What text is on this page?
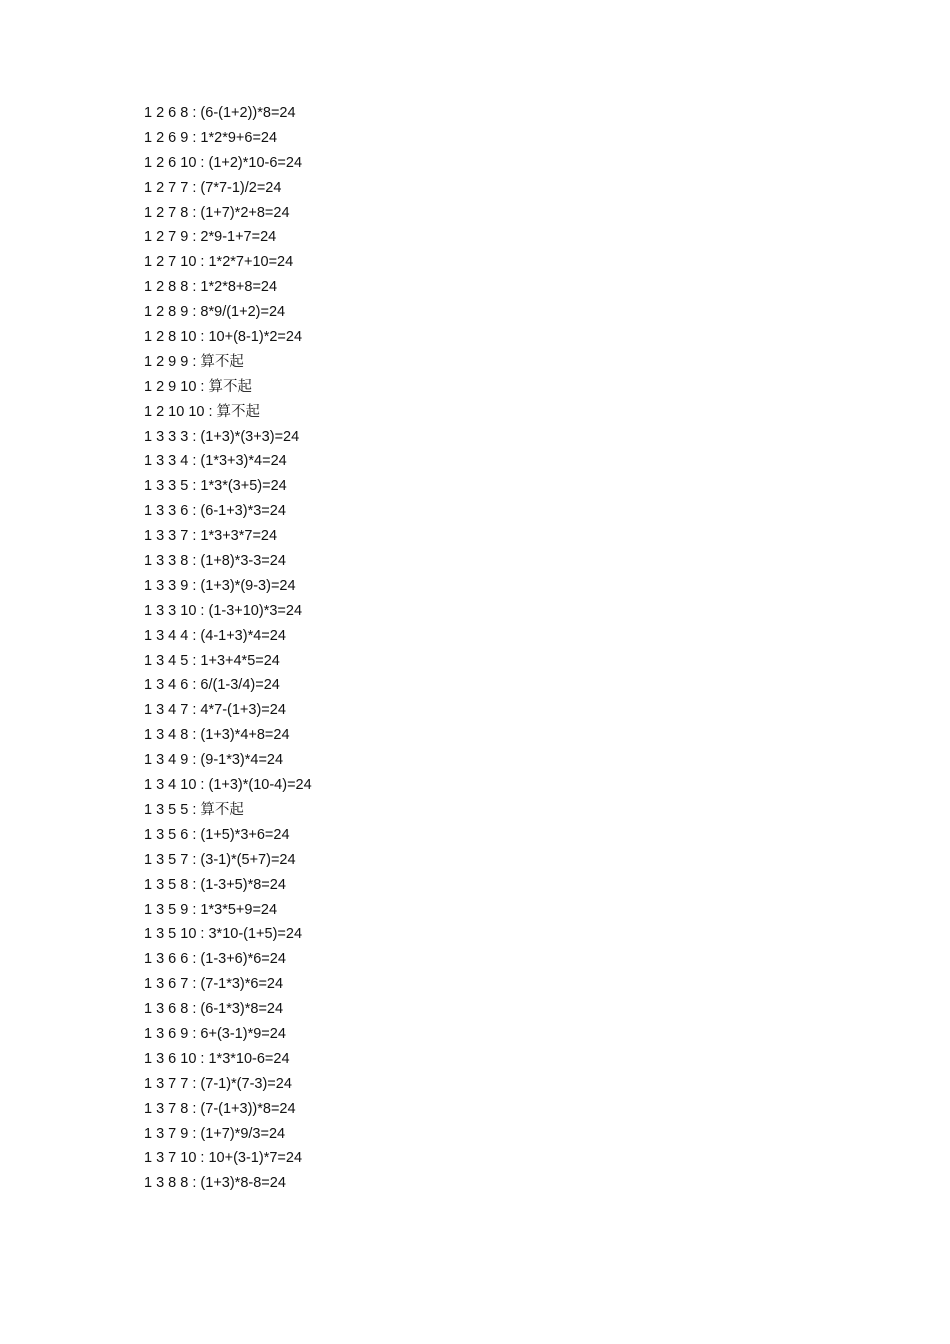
1 2 6 8 : (6-(1+2))*8=24
1 2 6 9 : 1*2*9+6=24
1 2 6 10 : (1+2)*10-6=24
1 2 7 7 : (7*7-1)/2=24
1 2 7 8 : (1+7)*2+8=24
1 2 7 9 : 2*9-1+7=24
1 2 7 10 : 1*2*7+10=24
1 2 8 8 : 1*2*8+8=24
1 2 8 9 : 8*9/(1+2)=24
1 2 8 10 : 10+(8-1)*2=24
1 2 9 9 : 算不起
1 2 9 10 : 算不起
1 2 10 10 : 算不起
1 3 3 3 : (1+3)*(3+3)=24
1 3 3 4 : (1*3+3)*4=24
1 3 3 5 : 1*3*(3+5)=24
1 3 3 6 : (6-1+3)*3=24
1 3 3 7 : 1*3+3*7=24
1 3 3 8 : (1+8)*3-3=24
1 3 3 9 : (1+3)*(9-3)=24
1 3 3 10 : (1-3+10)*3=24
1 3 4 4 : (4-1+3)*4=24
1 3 4 5 : 1+3+4*5=24
1 3 4 6 : 6/(1-3/4)=24
1 3 4 7 : 4*7-(1+3)=24
1 3 4 8 : (1+3)*4+8=24
1 3 4 9 : (9-1*3)*4=24
1 3 4 10 : (1+3)*(10-4)=24
1 3 5 5 : 算不起
1 3 5 6 : (1+5)*3+6=24
1 3 5 7 : (3-1)*(5+7)=24
1 3 5 8 : (1-3+5)*8=24
1 3 5 9 : 1*3*5+9=24
1 3 5 10 : 3*10-(1+5)=24
1 3 6 6 : (1-3+6)*6=24
1 3 6 7 : (7-1*3)*6=24
1 3 6 8 : (6-1*3)*8=24
1 3 6 9 : 6+(3-1)*9=24
1 3 6 10 : 1*3*10-6=24
1 3 7 7 : (7-1)*(7-3)=24
1 3 7 8 : (7-(1+3))*8=24
1 3 7 9 : (1+7)*9/3=24
1 3 7 10 : 10+(3-1)*7=24
1 3 8 8 : (1+3)*8-8=24
